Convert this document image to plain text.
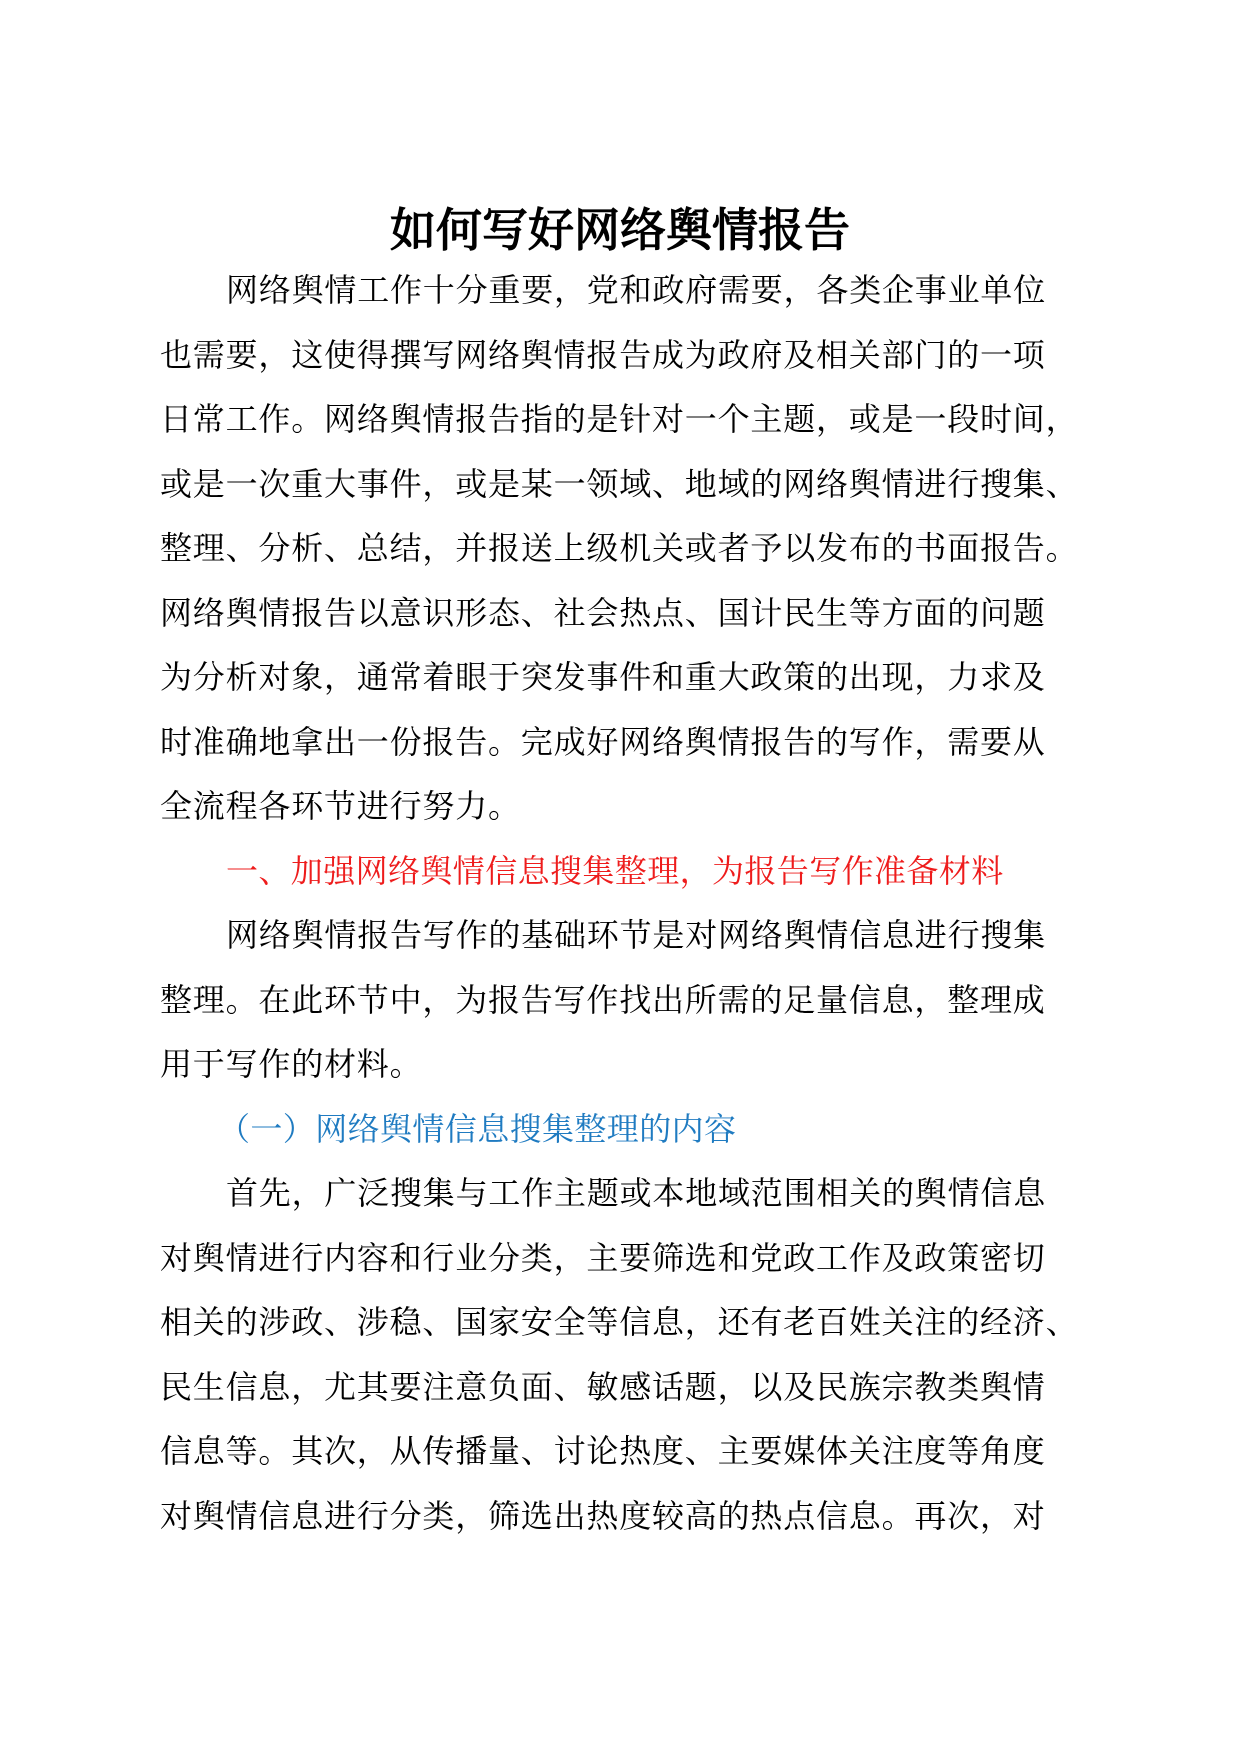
如何写好网络舆情报告
网络舆情工作十分重要，党和政府需要，各类企事业单位
也需要，这使得撰写网络舆情报告成为政府及相关部门的一项
日常工作。网络舆情报告指的是针对一个主题，或是一段时间，
或是一次重大事件，或是某一领域、地域的网络舆情进行搜集、
整理、分析、总结，并报送上级机关或者予以发布的书面报告。
网络舆情报告以意识形态、社会热点、国计民生等方面的问题
为分析对象，通常着眼于突发事件和重大政策的出现，力求及
时准确地拿出一份报告。完成好网络舆情报告的写作，需要从
全流程各环节进行努力。
一、加强网络舆情信息搜集整理，为报告写作准备材料
网络舆情报告写作的基础环节是对网络舆情信息进行搜集
整理。在此环节中，为报告写作找出所需的足量信息，整理成
用于写作的材料。
（一）网络舆情信息搜集整理的内容
首先，广泛搜集与工作主题或本地域范围相关的舆情信息
对舆情进行内容和行业分类，主要筛选和党政工作及政策密切
相关的涉政、涉稳、国家安全等信息，还有老百姓关注的经济、
民生信息，尤其要注意负面、敏感话题，以及民族宗教类舆情
信息等。其次，从传播量、讨论热度、主要媒体关注度等角度
对舆情信息进行分类，筛选出热度较高的热点信息。再次，对
